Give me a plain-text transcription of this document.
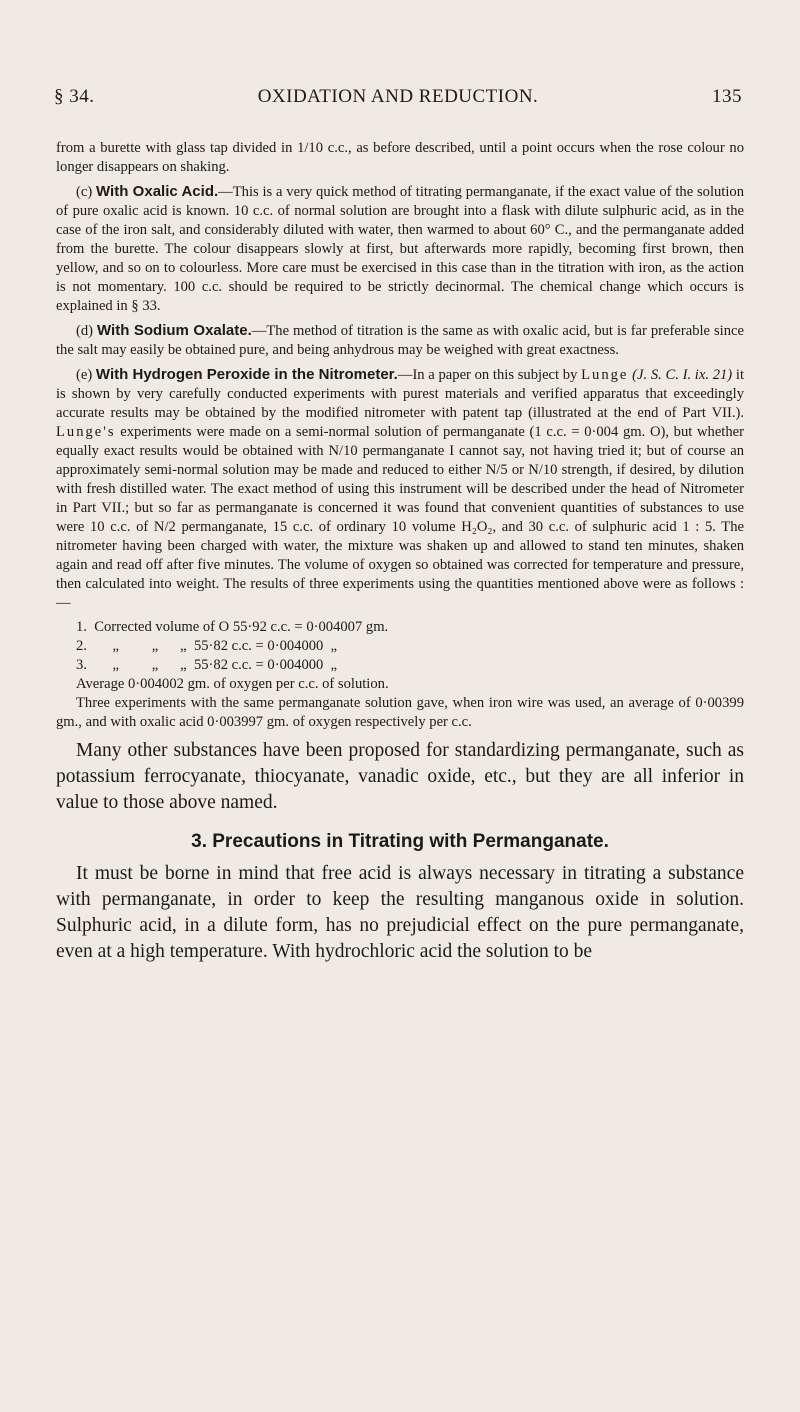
§ 34.	OXIDATION AND REDUCTION.	135

from a burette with glass tap divided in 1/10 c.c., as before described, until a point occurs when the rose colour no longer disappears on shaking.

(c) With Oxalic Acid.—This is a very quick method of titrating permanganate, if the exact value of the solution of pure oxalic acid is known. 10 c.c. of normal solution are brought into a flask with dilute sulphuric acid, as in the case of the iron salt, and considerably diluted with water, then warmed to about 60° C., and the permanganate added from the burette. The colour disappears slowly at first, but afterwards more rapidly, becoming first brown, then yellow, and so on to colourless. More care must be exercised in this case than in the titration with iron, as the action is not momentary. 100 c.c. should be required to be strictly decinormal. The chemical change which occurs is explained in § 33.

(d) With Sodium Oxalate.—The method of titration is the same as with oxalic acid, but is far preferable since the salt may easily be obtained pure, and being anhydrous may be weighed with great exactness.

(e) With Hydrogen Peroxide in the Nitrometer.—In a paper on this subject by Lunge (J. S. C. I. ix. 21) it is shown by very carefully conducted experiments with purest materials and verified apparatus that exceedingly accurate results may be obtained by the modified nitrometer with patent tap (illustrated at the end of Part VII.). Lunge's experiments were made on a semi-normal solution of permanganate (1 c.c. = 0·004 gm. O), but whether equally exact results would be obtained with N/10 permanganate I cannot say, not having tried it; but of course an approximately semi-normal solution may be made and reduced to either N/5 or N/10 strength, if desired, by dilution with fresh distilled water. The exact method of using this instrument will be described under the head of Nitrometer in Part VII.; but so far as permanganate is concerned it was found that convenient quantities of substances to use were 10 c.c. of N/2 permanganate, 15 c.c. of ordinary 10 volume H₂O₂, and 30 c.c. of sulphuric acid 1 : 5. The nitrometer having been charged with water, the mixture was shaken up and allowed to stand ten minutes, shaken again and read off after five minutes. The volume of oxygen so obtained was corrected for temperature and pressure, then calculated into weight. The results of three experiments using the quantities mentioned above were as follows :—

1.  Corrected volume of O 55·92 c.c. = 0·004007 gm.
2.       „         „      „  55·82 c.c. = 0·004000  „
3.       „         „      „  55·82 c.c. = 0·004000  „
Average 0·004002 gm. of oxygen per c.c. of solution.

Three experiments with the same permanganate solution gave, when iron wire was used, an average of 0·00399 gm., and with oxalic acid 0·003997 gm. of oxygen respectively per c.c.

Many other substances have been proposed for standardizing permanganate, such as potassium ferrocyanate, thiocyanate, vanadic oxide, etc., but they are all inferior in value to those above named.

3. Precautions in Titrating with Permanganate.

It must be borne in mind that free acid is always necessary in titrating a substance with permanganate, in order to keep the resulting manganous oxide in solution. Sulphuric acid, in a dilute form, has no prejudicial effect on the pure permanganate, even at a high temperature. With hydrochloric acid the solution to be
